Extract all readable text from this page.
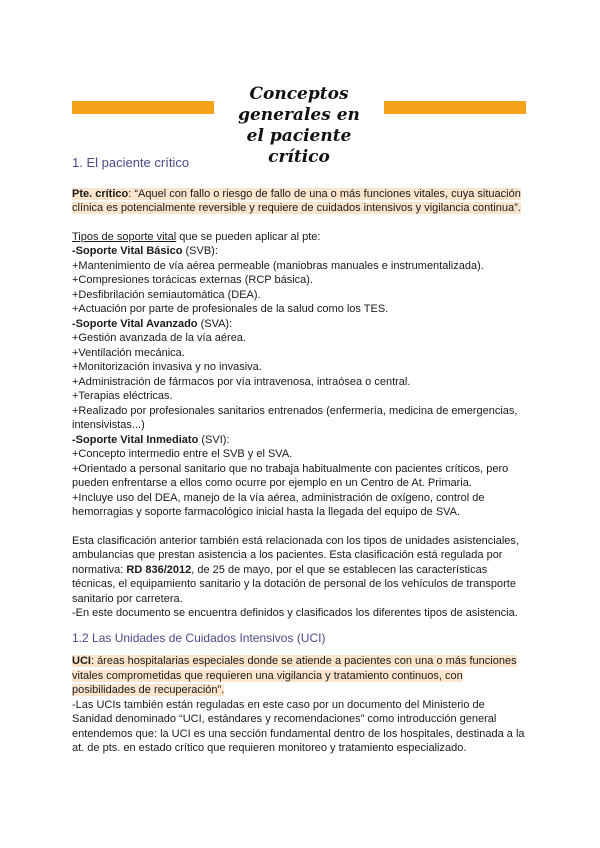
Conceptos generales en
el paciente crítico
1. El paciente crítico

Pte. crítico: “Aquel con fallo o riesgo de fallo de una o más funciones vitales, cuya situación clínica es potencialmente reversible y requiere de cuidados intensivos y vigilancia continua”.

Tipos de soporte vital que se pueden aplicar al pte:

-Soporte Vital Básico (SVB):

+Mantenimiento de vía aérea permeable (maniobras manuales e instrumentalizada).

+Compresiones torácicas externas (RCP básica).

+Desfibrilación semiautomática (DEA).

+Actuación por parte de profesionales de la salud como los TES.

-Soporte Vital Avanzado (SVA):

+Gestión avanzada de la vía aérea.

+Ventilación mecánica.

+Monitorización invasiva y no invasiva.

+Administración de fármacos por vía intravenosa, intraósea o central.

+Terapias eléctricas.

+Realizado por profesionales sanitarios entrenados (enfermería, medicina de emergencias, intensivistas...)

-Soporte Vital Inmediato (SVI):

+Concepto intermedio entre el SVB y el SVA.

+Orientado a personal sanitario que no trabaja habitualmente con pacientes críticos, pero pueden enfrentarse a ellos como ocurre por ejemplo en un Centro de At. Primaria.

+Incluye uso del DEA, manejo de la vía aérea, administración de oxígeno, control de hemorragias y soporte farmacológico inicial hasta la llegada del equipo de SVA.

Esta clasificación anterior también está relacionada con los tipos de unidades asistenciales, ambulancias que prestan asistencia a los pacientes. Esta clasificación está regulada por normativa: RD 836/2012, de 25 de mayo, por el que se establecen las características técnicas, el equipamiento sanitario y la dotación de personal de los vehículos de transporte sanitario por carretera.

-En este documento se encuentra definidos y clasificados los diferentes tipos de asistencia.

1.2 Las Unidades de Cuidados Intensivos (UCI)

UCI: áreas hospitalarias especiales donde se atiende a pacientes con una o más funciones vitales comprometidas que requieren una vigilancia y tratamiento continuos, con posibilidades de recuperación”.

-Las UCIs también están reguladas en este caso por un documento del Ministerio de Sanidad denominado “UCI, estándares y recomendaciones” como introducción general entendemos que: la UCI es una sección fundamental dentro de los hospitales, destinada a la at. de pts. en estado crítico que requieren monitoreo y tratamiento especializado.
